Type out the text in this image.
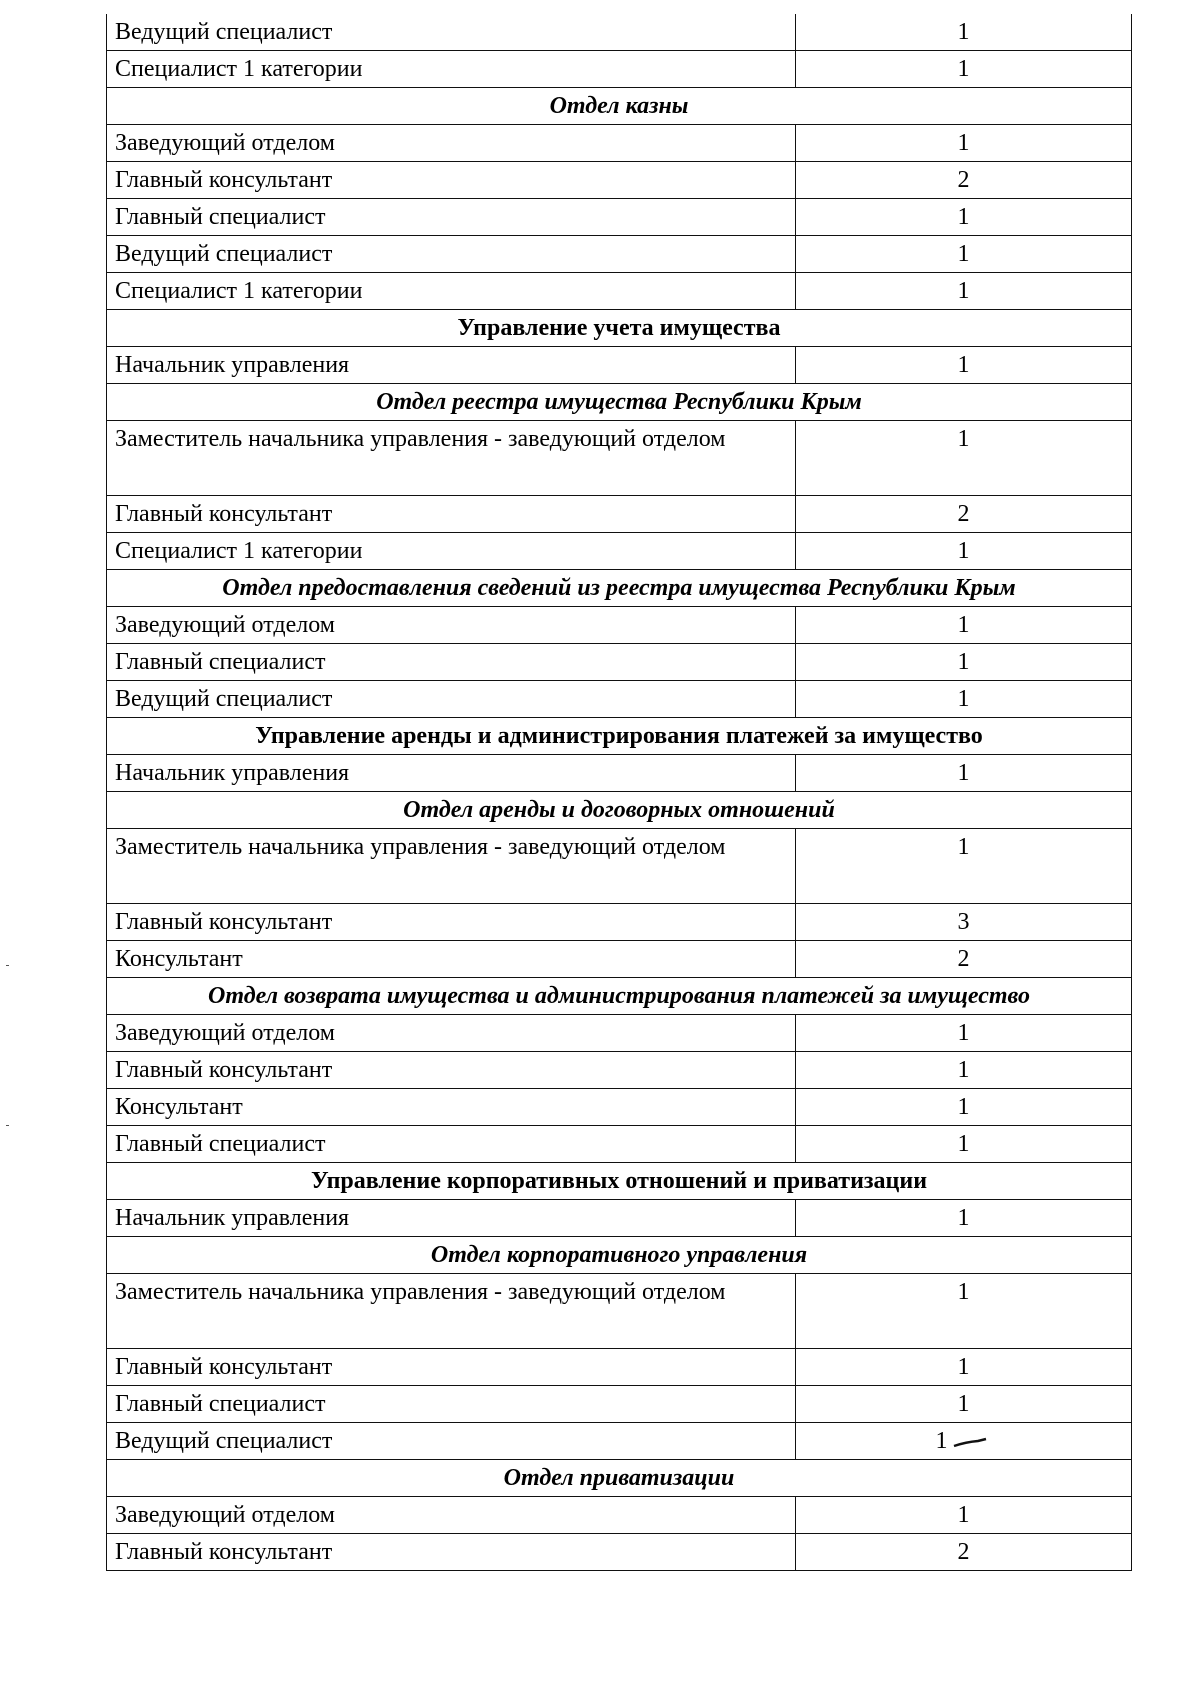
Ведущий специалист	1
Специалист 1 категории	1
Отдел казны	
Заведующий отделом	1
Главный консультант	2
Главный специалист	1
Ведущий специалист	1
Специалист 1 категории	1
Управление учета имущества	
Начальник управления	1
Отдел реестра имущества Республики Крым	
Заместитель начальника управления - заведующий отделом	1
Главный консультант	2
Специалист 1 категории	1
Отдел предоставления сведений из реестра имущества Республики Крым	
Заведующий отделом	1
Главный специалист	1
Ведущий специалист	1
Управление аренды и администрирования платежей за имущество	
Начальник управления	1
Отдел аренды и договорных отношений	
Заместитель начальника управления - заведующий отделом	1
Главный консультант	3
Консультант	2
Отдел возврата имущества и администрирования платежей за имущество	
Заведующий отделом	1
Главный консультант	1
Консультант	1
Главный специалист	1
Управление корпоративных отношений и приватизации	
Начальник управления	1
Отдел корпоративного управления	
Заместитель начальника управления - заведующий отделом	1
Главный консультант	1
Главный специалист	1
Ведущий специалист	1
Отдел приватизации	
Заведующий отделом	1
Главный консультант	2
